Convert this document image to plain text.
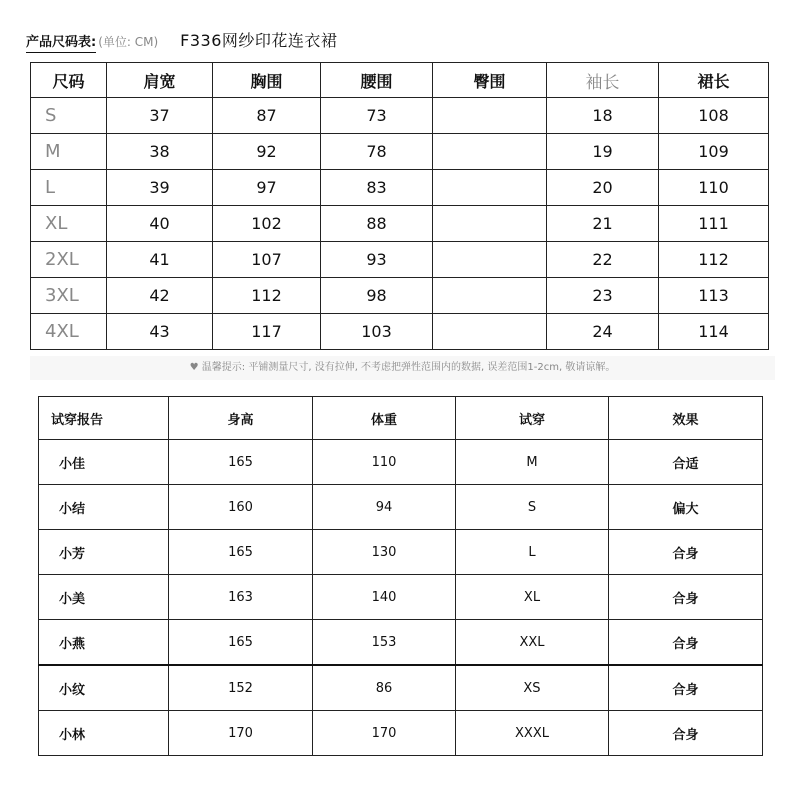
产品尺码表: (单位: CM) F336网纱印花连衣裙
尺码	肩宽	胸围	腰围	臀围	袖长	裙长
S	37	87	73		18	108
M	38	92	78		19	109
L	39	97	83		20	110
XL	40	102	88		21	111
2XL	41	107	93		22	112
3XL	42	112	98		23	113
4XL	43	117	103		24	114
♥ 温馨提示: 平铺测量尺寸, 没有拉伸, 不考虑把弹性范围内的数据, 误差范围1-2cm, 敬请谅解。
试穿报告	身高	体重	试穿	效果
小佳	165	110	M	合适
小结	160	94	S	偏大
小芳	165	130	L	合身
小美	163	140	XL	合身
小燕	165	153	XXL	合身
小纹	152	86	XS	合身
小林	170	170	XXXL	合身
